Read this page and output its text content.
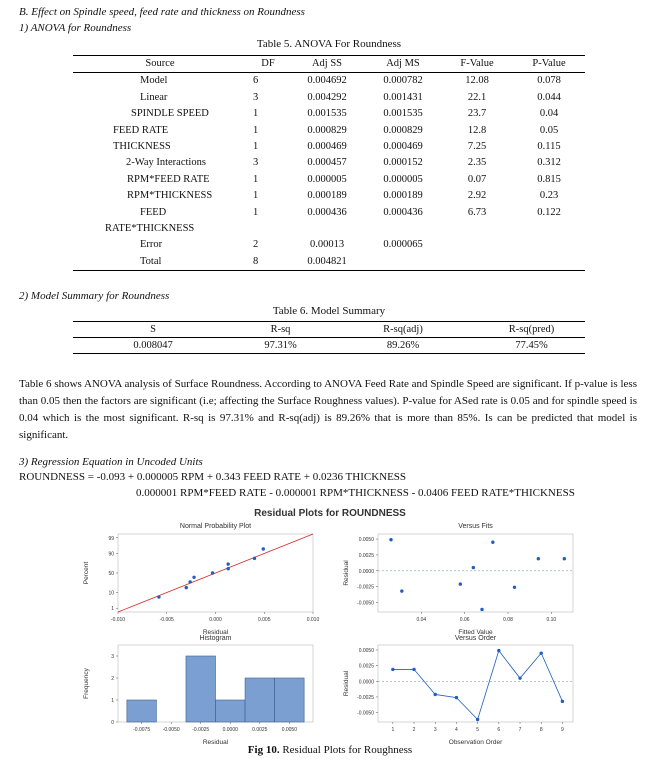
B. Effect on Spindle speed, feed rate and thickness on Roundness
1) ANOVA for Roundness
Table 5. ANOVA For Roundness
Source	DF	Adj SS	Adj MS	F-Value	P-Value
Model	6	0.004692	0.000782	12.08	0.078
Linear	3	0.004292	0.001431	22.1	0.044
SPINDLE SPEED	1	0.001535	0.001535	23.7	0.04
FEED RATE	1	0.000829	0.000829	12.8	0.05
THICKNESS	1	0.000469	0.000469	7.25	0.115
2-Way Interactions	3	0.000457	0.000152	2.35	0.312
RPM*FEED RATE	1	0.000005	0.000005	0.07	0.815
RPM*THICKNESS	1	0.000189	0.000189	2.92	0.23
FEED	1	0.000436	0.000436	6.73	0.122
RATE*THICKNESS					
Error	2	0.00013	0.000065		
Total	8	0.004821			
2) Model Summary for Roundness
Table 6. Model Summary
S	R-sq	R-sq(adj)	R-sq(pred)
0.008047	97.31%	89.26%	77.45%
Table 6 shows ANOVA analysis of Surface Roundness. According to ANOVA Feed Rate and Spindle Speed are significant. If p-value is less than 0.05 then the factors are significant (i.e; affecting the Surface Roughness values). P-value for ASed rate is 0.05 and for spindle speed is 0.04 which is the most significant. R-sq is 97.31% and R-sq(adj) is 89.26% that is more than 85%. Is can be predicted that model is significant.
3) Regression Equation in Uncoded Units
ROUNDNESS = -0.093 + 0.000005 RPM + 0.343 FEED RATE + 0.0236 THICKNESS
0.000001 RPM*FEED RATE - 0.000001 RPM*THICKNESS - 0.0406 FEED RATE*THICKNESS
Residual Plots for ROUNDNESS
Normal Probability Plot
Residual
Percent
1
10
50
90
99
-0.010	-0.005	0.000	0.005	0.010
Versus Fits
Fitted Value
Residual
-0.0050
-0.0025
0.0000
0.0025
0.0050
0.04	0.06	0.08	0.10
Histogram
Residual
Frequency
0
1
2
3
-0.0075	-0.0050	-0.0025	0.0000	0.0025	0.0050
Versus Order
Observation Order
Residual
-0.0050
-0.0025
0.0000
0.0025
0.0050
1	2	3	4	5	6	7	8	9
Fig 10. Residual Plots for Roughness
